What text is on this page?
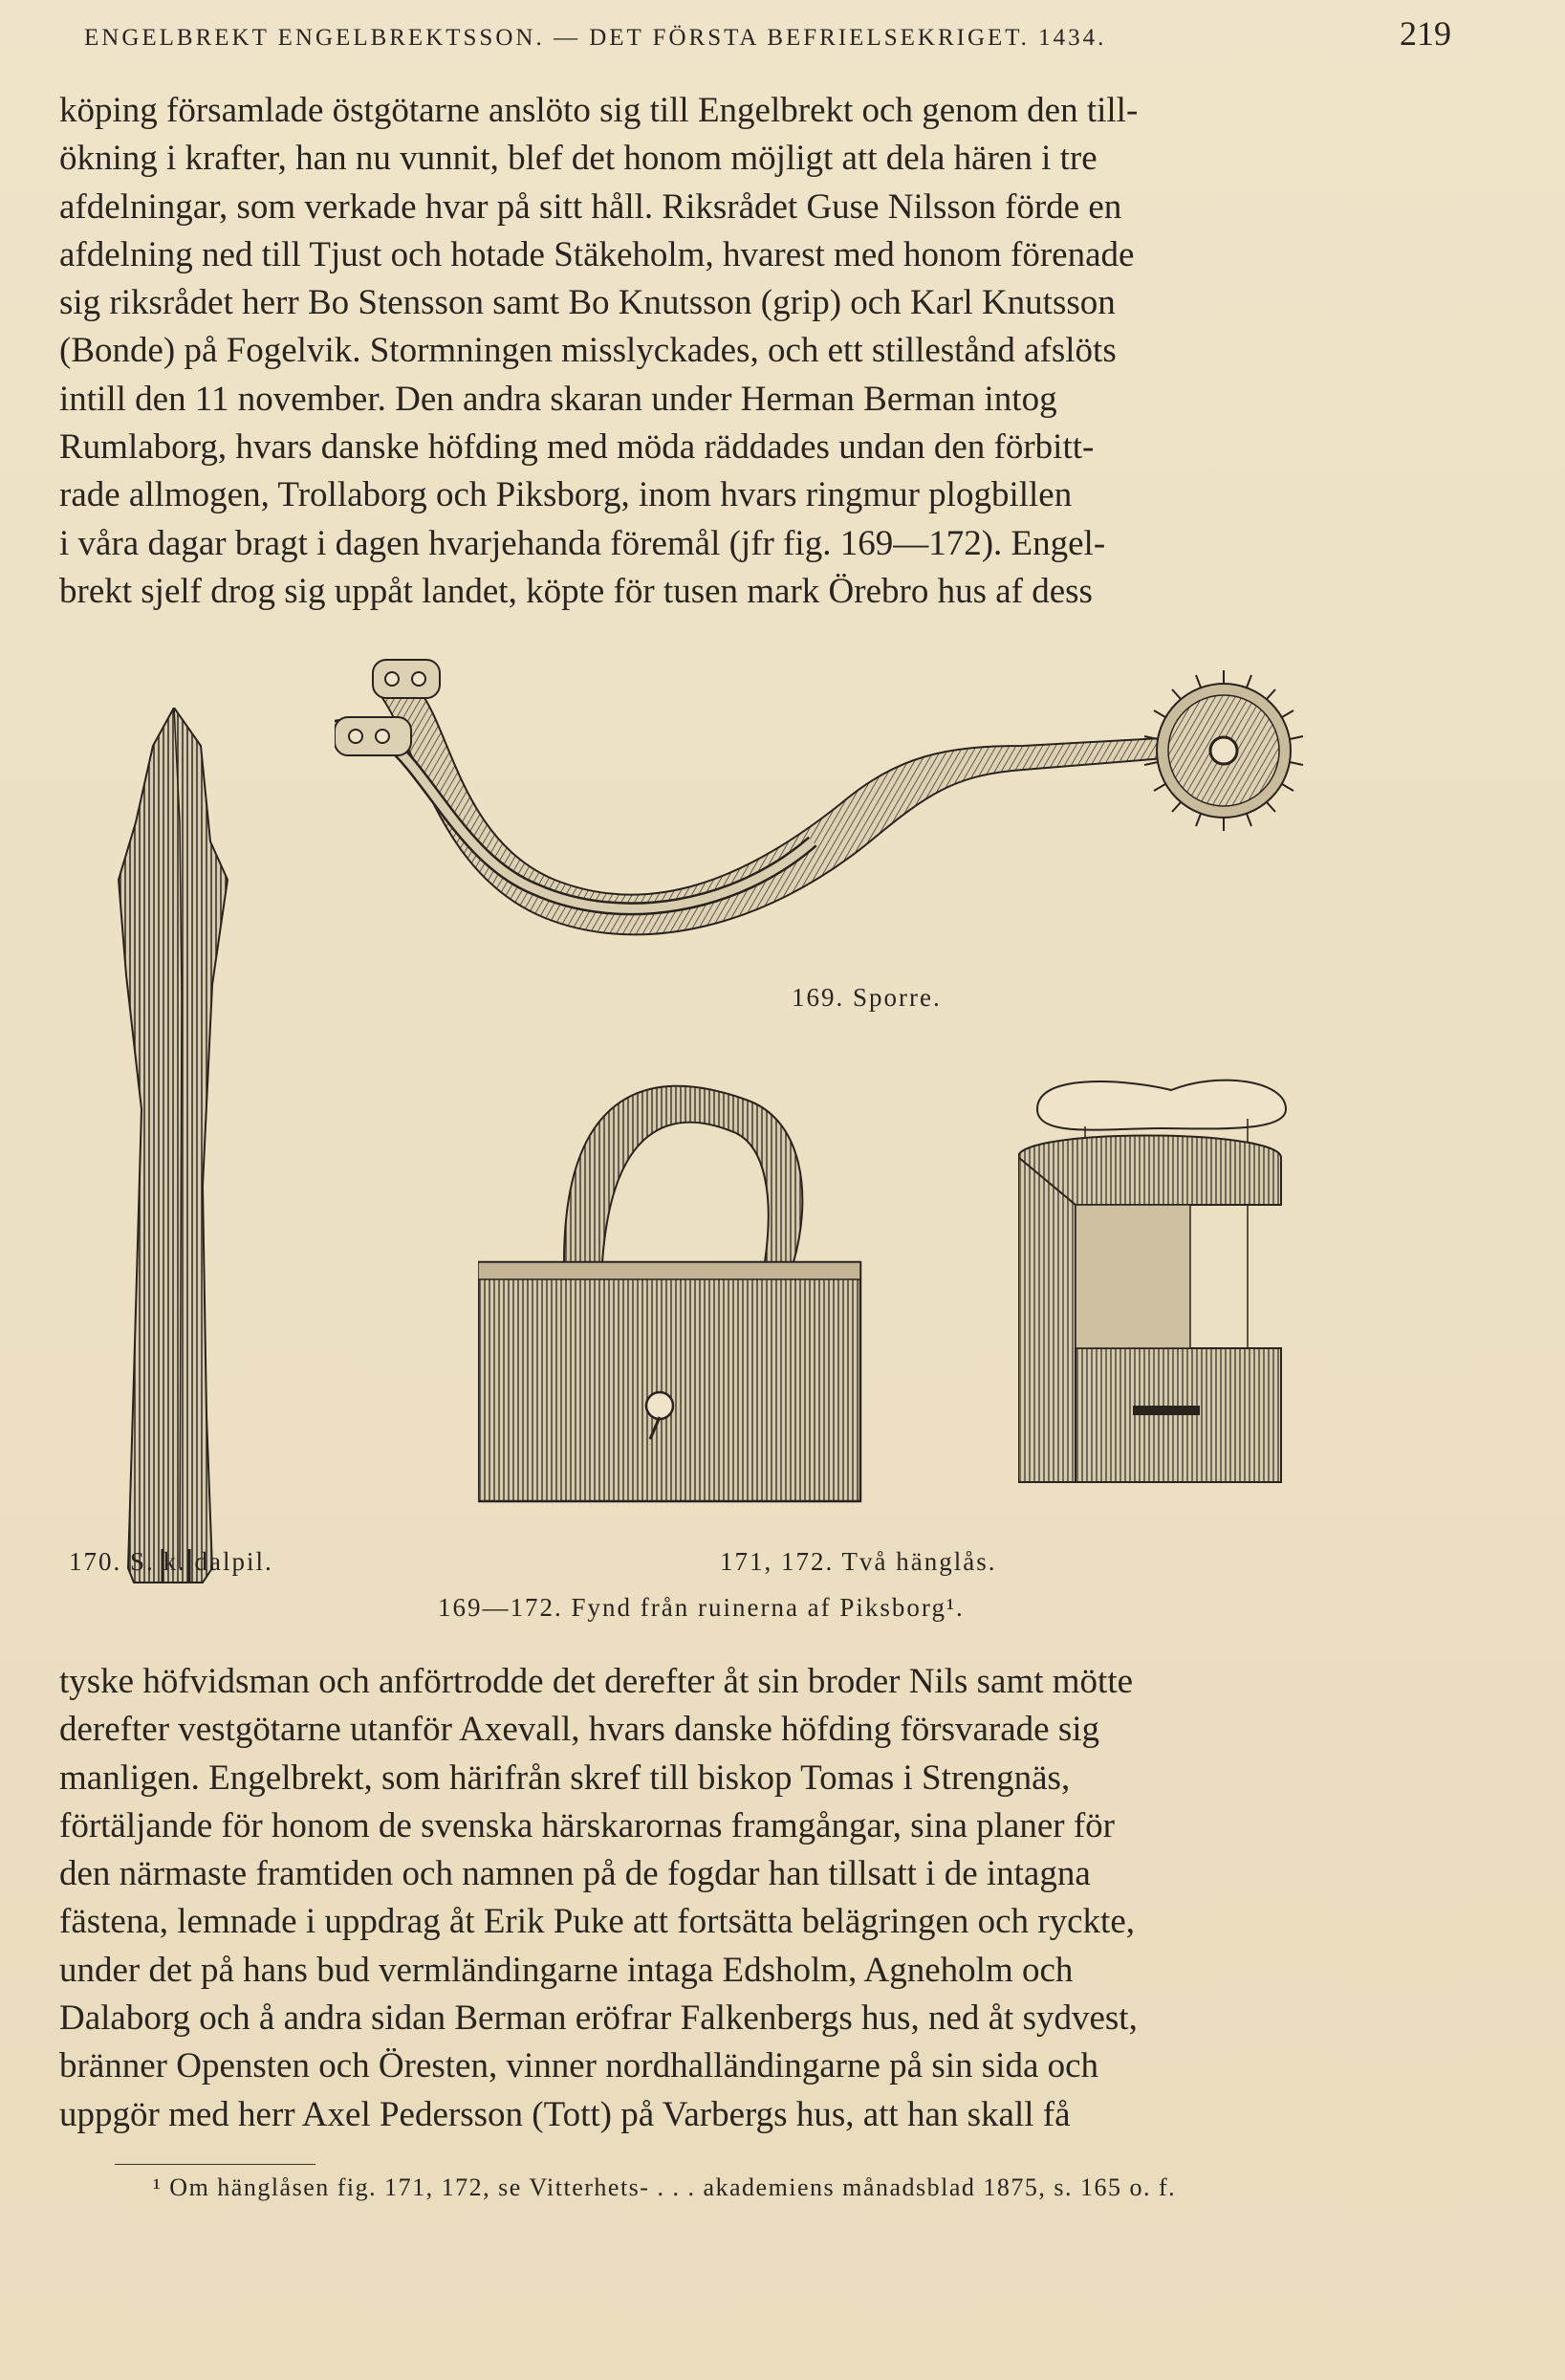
ENGELBREKT ENGELBREKTSSON. — DET FÖRSTA BEFRIELSEKRIGET. 1434.	219

köping församlade östgötarne anslöto sig till Engelbrekt och genom den till-

ökning i krafter, han nu vunnit, blef det honom möjligt att dela hären i tre

afdelningar, som verkade hvar på sitt håll. Riksrådet Guse Nilsson förde en

afdelning ned till Tjust och hotade Stäkeholm, hvarest med honom förenade

sig riksrådet herr Bo Stensson samt Bo Knutsson (grip) och Karl Knutsson

(Bonde) på Fogelvik. Stormningen misslyckades, och ett stillestånd afslöts

intill den 11 november. Den andra skaran under Herman Berman intog

Rumlaborg, hvars danske höfding med möda räddades undan den förbitt-

rade allmogen, Trollaborg och Piksborg, inom hvars ringmur plogbillen

i våra dagar bragt i dagen hvarjehanda föremål (jfr fig. 169—172). Engel-

brekt sjelf drog sig uppåt landet, köpte för tusen mark Örebro hus af dess

169. Sporre.
170. S. k. dalpil.	171, 172. Två hänglås.
169—172. Fynd från ruinerna af Piksborg¹.

tyske höfvidsman och anförtrodde det derefter åt sin broder Nils samt mötte

derefter vestgötarne utanför Axevall, hvars danske höfding försvarade sig

manligen. Engelbrekt, som härifrån skref till biskop Tomas i Strengnäs,

förtäljande för honom de svenska härskarornas framgångar, sina planer för

den närmaste framtiden och namnen på de fogdar han tillsatt i de intagna

fästena, lemnade i uppdrag åt Erik Puke att fortsätta belägringen och ryckte,

under det på hans bud vermländingarne intaga Edsholm, Agneholm och

Dalaborg och å andra sidan Berman eröfrar Falkenbergs hus, ned åt sydvest,

bränner Opensten och Öresten, vinner nordhalländingarne på sin sida och

uppgör med herr Axel Pedersson (Tott) på Varbergs hus, att han skall få

¹ Om hänglåsen fig. 171, 172, se Vitterhets- . . . akademiens månadsblad 1875, s. 165 o. f.
